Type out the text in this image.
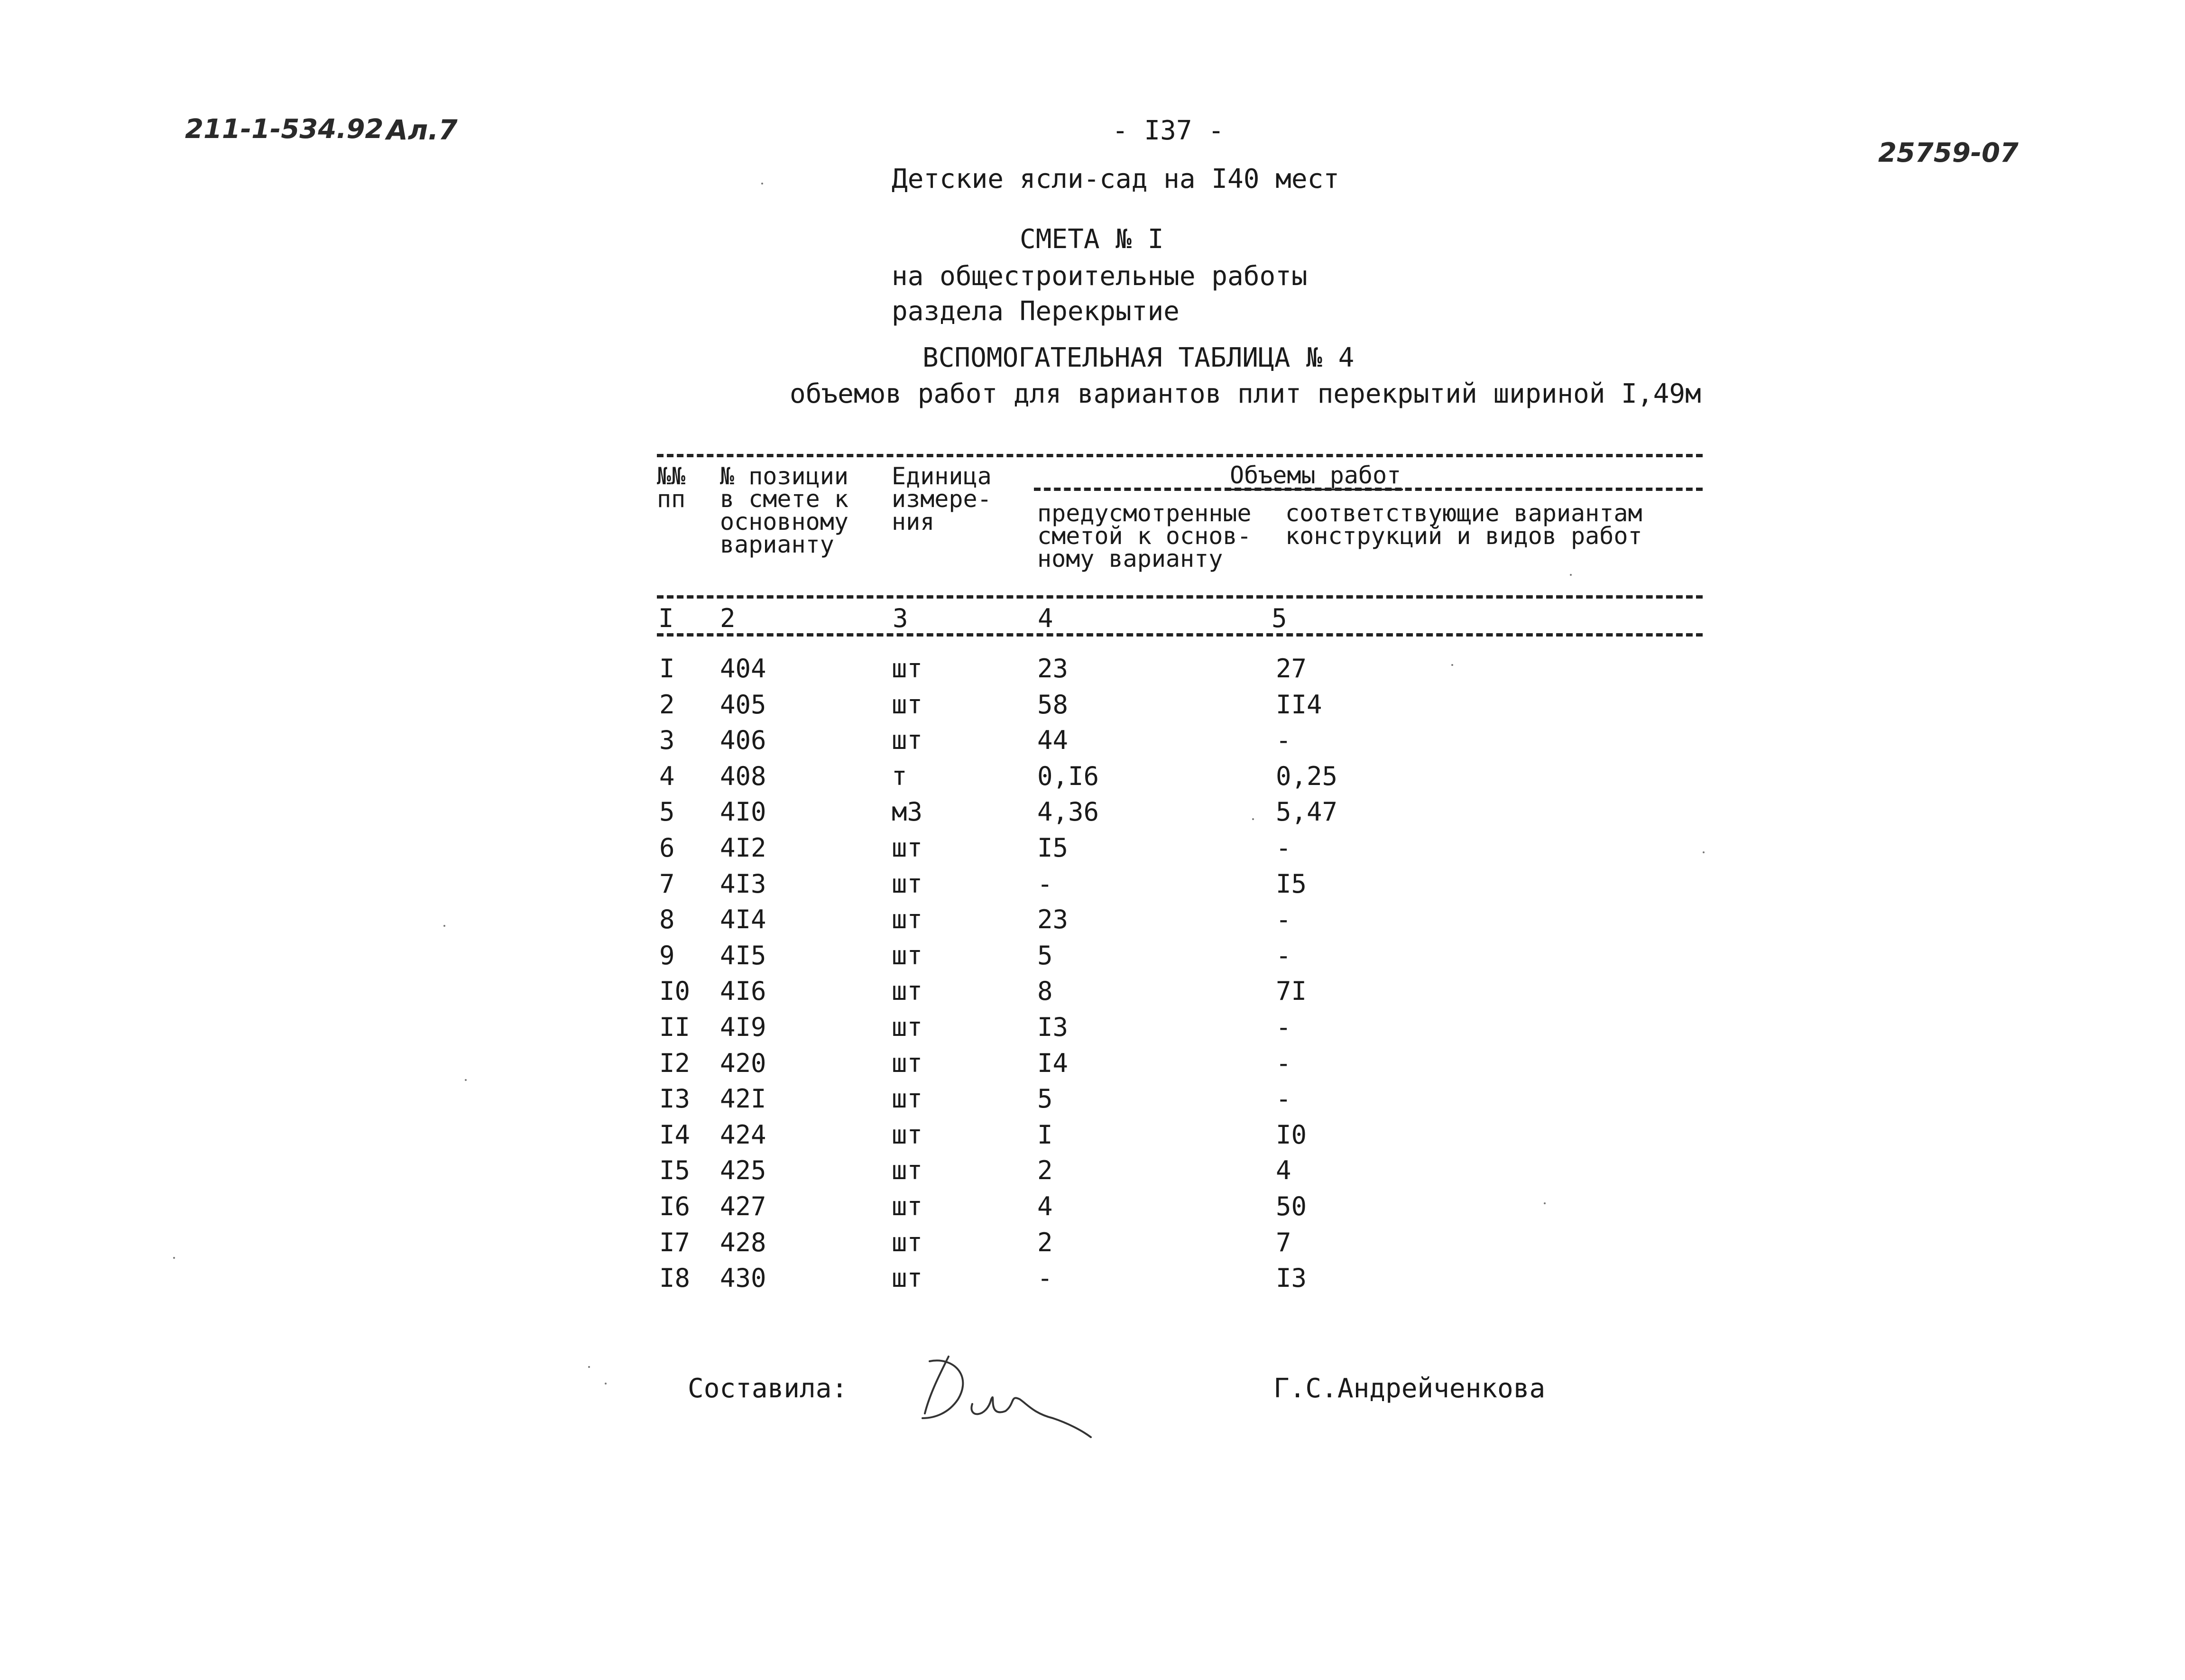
211-1-534.92 Ал.7
25759-07
- I37 -
Детские ясли-сад на I40 мест
СМЕТА № I
на общестроительные работы
раздела Перекрытие
ВСПОМОГАТЕЛЬНАЯ ТАБЛИЦА № 4
объемов работ для вариантов плит перекрытий шириной I,49м
№№
пп
№ позиции
в смете к
основному
варианту
Единица
измере-
ния
Объемы работ
предусмотренные
сметой к основ-
ному варианту
соответствующие вариантам
конструкций и видов работ
I 2	3	4	5
I 404	шт	23	27
2 405	шт	58	II4
3 406	шт	44	-
4 408	т	0,I6	0,25
5 4I0	м3	4,36	5,47
6 4I2	шт	I5	-
7 4I3	шт	-	I5
8 4I4	шт	23	-
9 4I5	шт	5	-
I0 4I6	шт	8	7I
II 4I9	шт	I3	-
I2 420	шт	I4	-
I3 42I	шт	5	-
I4 424	шт	I	I0
I5 425	шт	2	4
I6 427	шт	4	50
I7 428	шт	2	7
I8 430	шт	-	I3
Составила:	Г.С.Андрейченкова
